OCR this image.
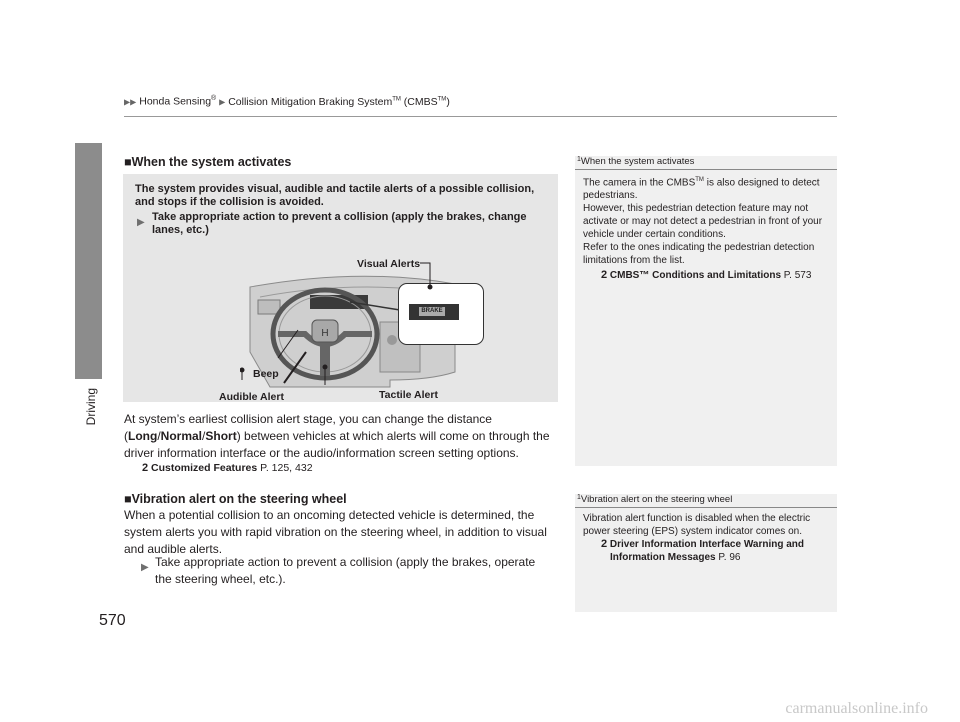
▶▶ Honda Sensing® ▶ Collision Mitigation Braking System™ (CMBS™)
Driving
■When the system activates
The system provides visual, audible and tactile alerts of a possible collision, and stops if the collision is avoided.
▶ Take appropriate action to prevent a collision (apply the brakes, change lanes, etc.)
H
BRAKE
Visual Alerts
Beep
Audible Alert	Tactile Alert
At system’s earliest collision alert stage, you can change the distance (Long/Normal/Short) between vehicles at which alerts will come on through the driver information interface or the audio/information screen setting options.
2 Customized Features P. 125, 432
■Vibration alert on the steering wheel
When a potential collision to an oncoming detected vehicle is determined, the system alerts you with rapid vibration on the steering wheel, in addition to visual and audible alerts.
▶ Take appropriate action to prevent a collision (apply the brakes, operate the steering wheel, etc.).
$^1$When the system activates
The camera in the CMBS™ is also designed to detect pedestrians.
However, this pedestrian detection feature may not activate or may not detect a pedestrian in front of your vehicle under certain conditions.
Refer to the ones indicating the pedestrian detection limitations from the list.
2 CMBS™ Conditions and Limitations P. 573
$^1$Vibration alert on the steering wheel
Vibration alert function is disabled when the electric power steering (EPS) system indicator comes on.
2 Driver Information Interface Warning and
Information Messages P. 96
570
carmanualsonline.info
